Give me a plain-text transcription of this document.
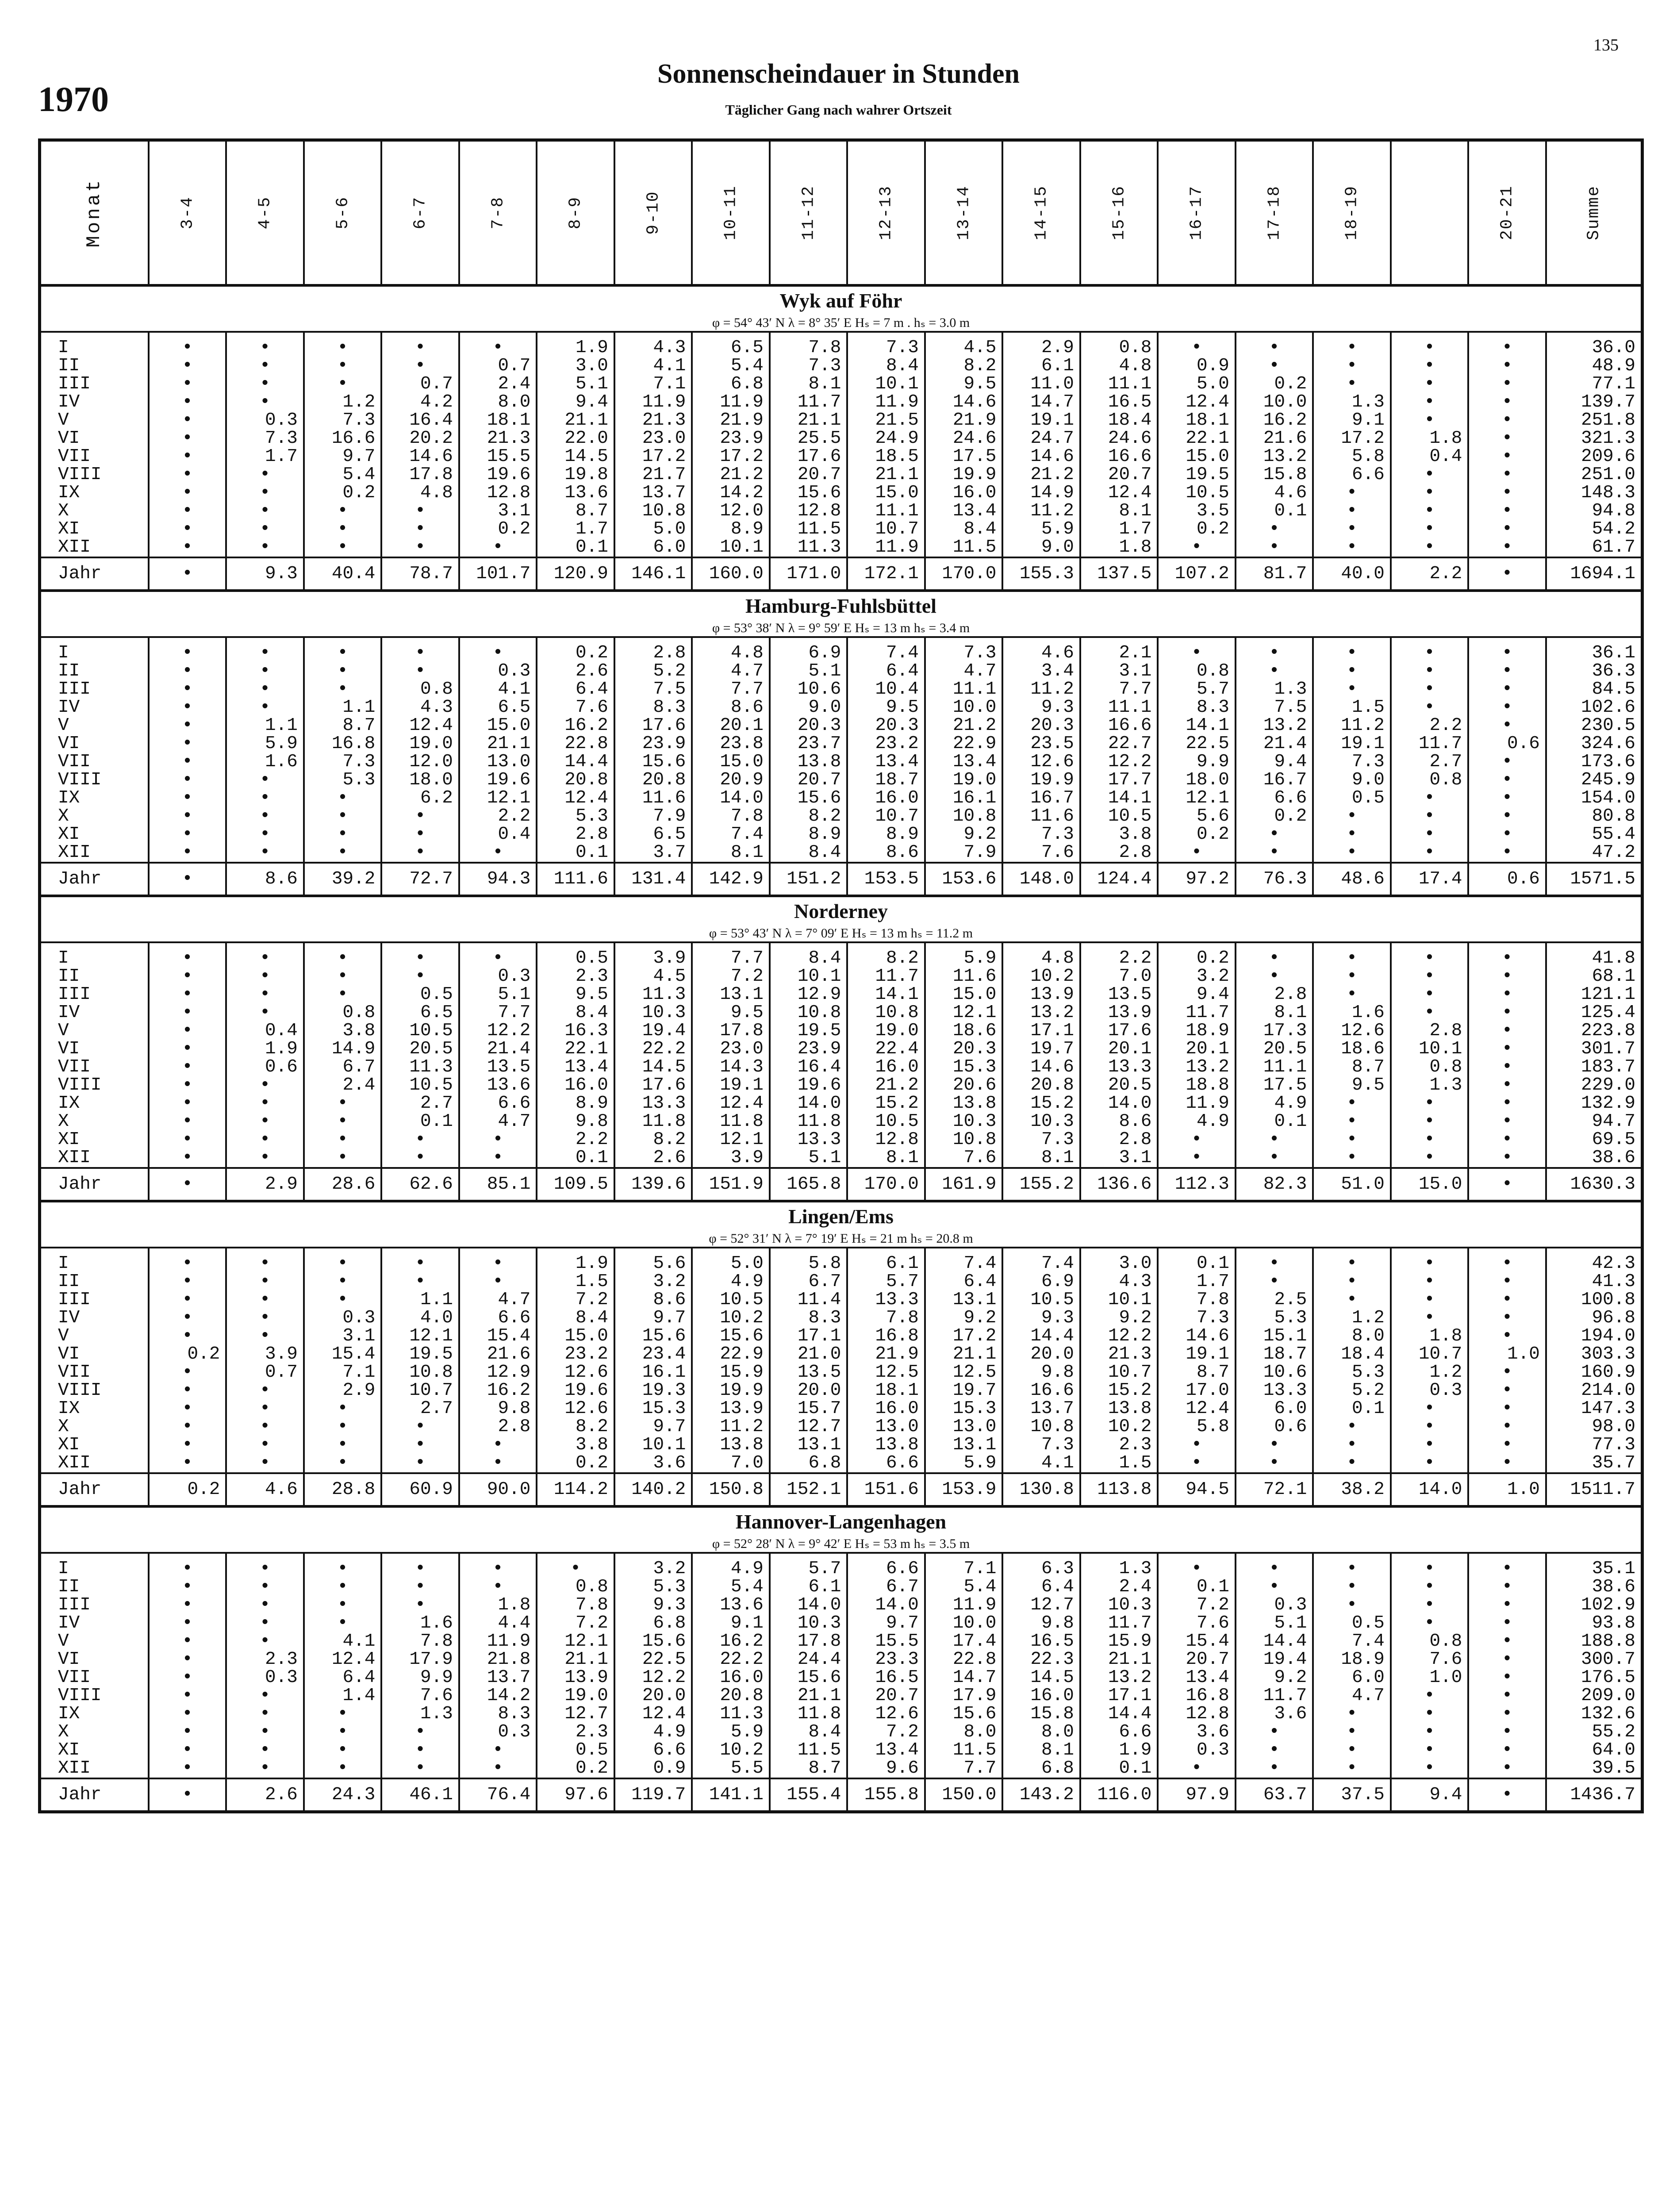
135
1970
Sonnenscheindauer in Stunden
Täglicher Gang nach wahrer Ortszeit
Monat	3-4	4-5	5-6	6-7	7-8	8-9	9-10	10-11	11-12	12-13	13-14	14-15	15-16	16-17	17-18	18-19		20-21	Summe

Wyk auf Föhr																			
φ = 54° 43′ N λ = 8° 35′ E Hₛ = 7 m . hₛ = 3.0 m																			

I	•	•	•	•	•	1.9	4.3	6.5	7.8	7.3	4.5	2.9	0.8	•	•	•	•	•	36.0
II	•	•	•	•	0.7	3.0	4.1	5.4	7.3	8.4	8.2	6.1	4.8	0.9	•	•	•	•	48.9
III	•	•	•	0.7	2.4	5.1	7.1	6.8	8.1	10.1	9.5	11.0	11.1	5.0	0.2	•	•	•	77.1
IV	•	•	1.2	4.2	8.0	9.4	11.9	11.9	11.7	11.9	14.6	14.7	16.5	12.4	10.0	1.3	•	•	139.7
V	•	0.3	7.3	16.4	18.1	21.1	21.3	21.9	21.1	21.5	21.9	19.1	18.4	18.1	16.2	9.1	•	•	251.8
VI	•	7.3	16.6	20.2	21.3	22.0	23.0	23.9	25.5	24.9	24.6	24.7	24.6	22.1	21.6	17.2	1.8	•	321.3
VII	•	1.7	9.7	14.6	15.5	14.5	17.2	17.2	17.6	18.5	17.5	14.6	16.6	15.0	13.2	5.8	0.4	•	209.6
VIII	•	•	5.4	17.8	19.6	19.8	21.7	21.2	20.7	21.1	19.9	21.2	20.7	19.5	15.8	6.6	•	•	251.0
IX	•	•	0.2	4.8	12.8	13.6	13.7	14.2	15.6	15.0	16.0	14.9	12.4	10.5	4.6	•	•	•	148.3
X	•	•	•	•	3.1	8.7	10.8	12.0	12.8	11.1	13.4	11.2	8.1	3.5	0.1	•	•	•	94.8
XI	•	•	•	•	0.2	1.7	5.0	8.9	11.5	10.7	8.4	5.9	1.7	0.2	•	•	•	•	54.2
XII	•	•	•	•	•	0.1	6.0	10.1	11.3	11.9	11.5	9.0	1.8	•	•	•	•	•	61.7
Jahr	•	9.3	40.4	78.7	101.7	120.9	146.1	160.0	171.0	172.1	170.0	155.3	137.5	107.2	81.7	40.0	2.2	•	1694.1
Hamburg-Fuhlsbüttel																			
φ = 53° 38′ N λ = 9° 59′ E Hₛ = 13 m hₛ = 3.4 m																			

I	•	•	•	•	•	0.2	2.8	4.8	6.9	7.4	7.3	4.6	2.1	•	•	•	•	•	36.1
II	•	•	•	•	0.3	2.6	5.2	4.7	5.1	6.4	4.7	3.4	3.1	0.8	•	•	•	•	36.3
III	•	•	•	0.8	4.1	6.4	7.5	7.7	10.6	10.4	11.1	11.2	7.7	5.7	1.3	•	•	•	84.5
IV	•	•	1.1	4.3	6.5	7.6	8.3	8.6	9.0	9.5	10.0	9.3	11.1	8.3	7.5	1.5	•	•	102.6
V	•	1.1	8.7	12.4	15.0	16.2	17.6	20.1	20.3	20.3	21.2	20.3	16.6	14.1	13.2	11.2	2.2	•	230.5
VI	•	5.9	16.8	19.0	21.1	22.8	23.9	23.8	23.7	23.2	22.9	23.5	22.7	22.5	21.4	19.1	11.7	0.6	324.6
VII	•	1.6	7.3	12.0	13.0	14.4	15.6	15.0	13.8	13.4	13.4	12.6	12.2	9.9	9.4	7.3	2.7	•	173.6
VIII	•	•	5.3	18.0	19.6	20.8	20.8	20.9	20.7	18.7	19.0	19.9	17.7	18.0	16.7	9.0	0.8	•	245.9
IX	•	•	•	6.2	12.1	12.4	11.6	14.0	15.6	16.0	16.1	16.7	14.1	12.1	6.6	0.5	•	•	154.0
X	•	•	•	•	2.2	5.3	7.9	7.8	8.2	10.7	10.8	11.6	10.5	5.6	0.2	•	•	•	80.8
XI	•	•	•	•	0.4	2.8	6.5	7.4	8.9	8.9	9.2	7.3	3.8	0.2	•	•	•	•	55.4
XII	•	•	•	•	•	0.1	3.7	8.1	8.4	8.6	7.9	7.6	2.8	•	•	•	•	•	47.2
Jahr	•	8.6	39.2	72.7	94.3	111.6	131.4	142.9	151.2	153.5	153.6	148.0	124.4	97.2	76.3	48.6	17.4	0.6	1571.5
Norderney																			
φ = 53° 43′ N λ = 7° 09′ E Hₛ = 13 m hₛ = 11.2 m																			

I	•	•	•	•	•	0.5	3.9	7.7	8.4	8.2	5.9	4.8	2.2	0.2	•	•	•	•	41.8
II	•	•	•	•	0.3	2.3	4.5	7.2	10.1	11.7	11.6	10.2	7.0	3.2	•	•	•	•	68.1
III	•	•	•	0.5	5.1	9.5	11.3	13.1	12.9	14.1	15.0	13.9	13.5	9.4	2.8	•	•	•	121.1
IV	•	•	0.8	6.5	7.7	8.4	10.3	9.5	10.8	10.8	12.1	13.2	13.9	11.7	8.1	1.6	•	•	125.4
V	•	0.4	3.8	10.5	12.2	16.3	19.4	17.8	19.5	19.0	18.6	17.1	17.6	18.9	17.3	12.6	2.8	•	223.8
VI	•	1.9	14.9	20.5	21.4	22.1	22.2	23.0	23.9	22.4	20.3	19.7	20.1	20.1	20.5	18.6	10.1	•	301.7
VII	•	0.6	6.7	11.3	13.5	13.4	14.5	14.3	16.4	16.0	15.3	14.6	13.3	13.2	11.1	8.7	0.8	•	183.7
VIII	•	•	2.4	10.5	13.6	16.0	17.6	19.1	19.6	21.2	20.6	20.8	20.5	18.8	17.5	9.5	1.3	•	229.0
IX	•	•	•	2.7	6.6	8.9	13.3	12.4	14.0	15.2	13.8	15.2	14.0	11.9	4.9	•	•	•	132.9
X	•	•	•	0.1	4.7	9.8	11.8	11.8	11.8	10.5	10.3	10.3	8.6	4.9	0.1	•	•	•	94.7
XI	•	•	•	•	•	2.2	8.2	12.1	13.3	12.8	10.8	7.3	2.8	•	•	•	•	•	69.5
XII	•	•	•	•	•	0.1	2.6	3.9	5.1	8.1	7.6	8.1	3.1	•	•	•	•	•	38.6
Jahr	•	2.9	28.6	62.6	85.1	109.5	139.6	151.9	165.8	170.0	161.9	155.2	136.6	112.3	82.3	51.0	15.0	•	1630.3
Lingen/Ems																			
φ = 52° 31′ N λ = 7° 19′ E Hₛ = 21 m hₛ = 20.8 m																			

I	•	•	•	•	•	1.9	5.6	5.0	5.8	6.1	7.4	7.4	3.0	0.1	•	•	•	•	42.3
II	•	•	•	•	•	1.5	3.2	4.9	6.7	5.7	6.4	6.9	4.3	1.7	•	•	•	•	41.3
III	•	•	•	1.1	4.7	7.2	8.6	10.5	11.4	13.3	13.1	10.5	10.1	7.8	2.5	•	•	•	100.8
IV	•	•	0.3	4.0	6.6	8.4	9.7	10.2	8.3	7.8	9.2	9.3	9.2	7.3	5.3	1.2	•	•	96.8
V	•	•	3.1	12.1	15.4	15.0	15.6	15.6	17.1	16.8	17.2	14.4	12.2	14.6	15.1	8.0	1.8	•	194.0
VI	0.2	3.9	15.4	19.5	21.6	23.2	23.4	22.9	21.0	21.9	21.1	20.0	21.3	19.1	18.7	18.4	10.7	1.0	303.3
VII	•	0.7	7.1	10.8	12.9	12.6	16.1	15.9	13.5	12.5	12.5	9.8	10.7	8.7	10.6	5.3	1.2	•	160.9
VIII	•	•	2.9	10.7	16.2	19.6	19.3	19.9	20.0	18.1	19.7	16.6	15.2	17.0	13.3	5.2	0.3	•	214.0
IX	•	•	•	2.7	9.8	12.6	15.3	13.9	15.7	16.0	15.3	13.7	13.8	12.4	6.0	0.1	•	•	147.3
X	•	•	•	•	2.8	8.2	9.7	11.2	12.7	13.0	13.0	10.8	10.2	5.8	0.6	•	•	•	98.0
XI	•	•	•	•	•	3.8	10.1	13.8	13.1	13.8	13.1	7.3	2.3	•	•	•	•	•	77.3
XII	•	•	•	•	•	0.2	3.6	7.0	6.8	6.6	5.9	4.1	1.5	•	•	•	•	•	35.7
Jahr	0.2	4.6	28.8	60.9	90.0	114.2	140.2	150.8	152.1	151.6	153.9	130.8	113.8	94.5	72.1	38.2	14.0	1.0	1511.7
Hannover-Langenhagen																			
φ = 52° 28′ N λ = 9° 42′ E Hₛ = 53 m hₛ = 3.5 m																			

I	•	•	•	•	•	•	3.2	4.9	5.7	6.6	7.1	6.3	1.3	•	•	•	•	•	35.1
II	•	•	•	•	•	0.8	5.3	5.4	6.1	6.7	5.4	6.4	2.4	0.1	•	•	•	•	38.6
III	•	•	•	•	1.8	7.8	9.3	13.6	14.0	14.0	11.9	12.7	10.3	7.2	0.3	•	•	•	102.9
IV	•	•	•	1.6	4.4	7.2	6.8	9.1	10.3	9.7	10.0	9.8	11.7	7.6	5.1	0.5	•	•	93.8
V	•	•	4.1	7.8	11.9	12.1	15.6	16.2	17.8	15.5	17.4	16.5	15.9	15.4	14.4	7.4	0.8	•	188.8
VI	•	2.3	12.4	17.9	21.8	21.1	22.5	22.2	24.4	23.3	22.8	22.3	21.1	20.7	19.4	18.9	7.6	•	300.7
VII	•	0.3	6.4	9.9	13.7	13.9	12.2	16.0	15.6	16.5	14.7	14.5	13.2	13.4	9.2	6.0	1.0	•	176.5
VIII	•	•	1.4	7.6	14.2	19.0	20.0	20.8	21.1	20.7	17.9	16.0	17.1	16.8	11.7	4.7	•	•	209.0
IX	•	•	•	1.3	8.3	12.7	12.4	11.3	11.8	12.6	15.6	15.8	14.4	12.8	3.6	•	•	•	132.6
X	•	•	•	•	0.3	2.3	4.9	5.9	8.4	7.2	8.0	8.0	6.6	3.6	•	•	•	•	55.2
XI	•	•	•	•	•	0.5	6.6	10.2	11.5	13.4	11.5	8.1	1.9	0.3	•	•	•	•	64.0
XII	•	•	•	•	•	0.2	0.9	5.5	8.7	9.6	7.7	6.8	0.1	•	•	•	•	•	39.5
Jahr	•	2.6	24.3	46.1	76.4	97.6	119.7	141.1	155.4	155.8	150.0	143.2	116.0	97.9	63.7	37.5	9.4	•	1436.7
